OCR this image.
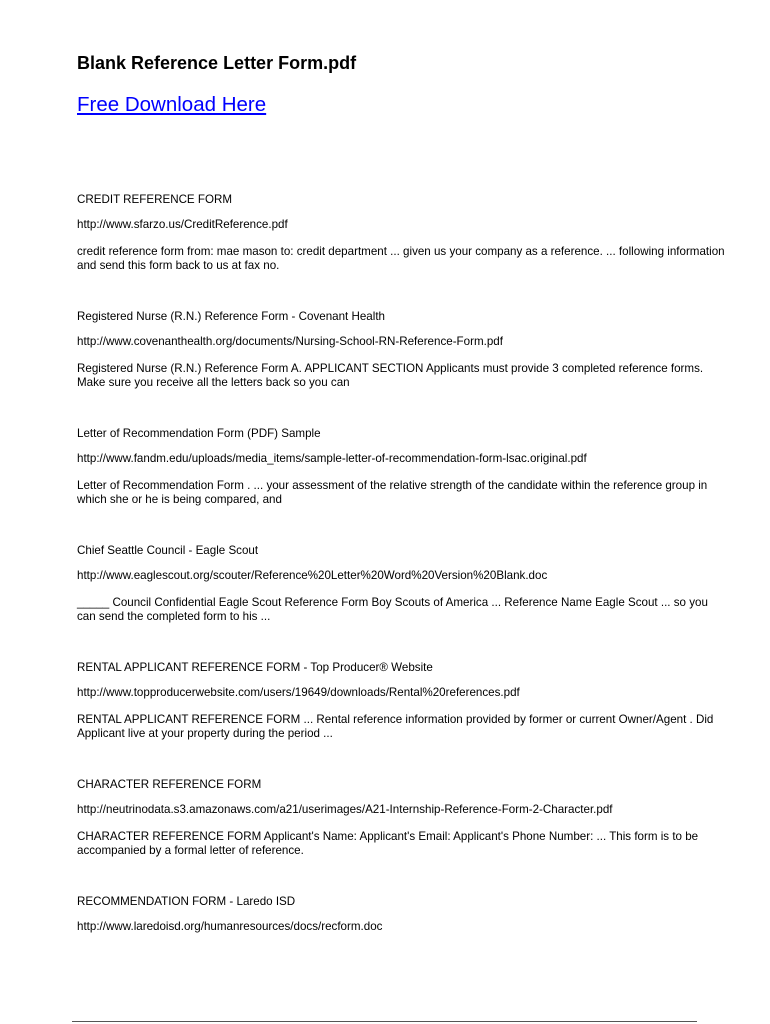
Blank Reference Letter Form.pdf
Free Download Here
CREDIT REFERENCE FORM
http://www.sfarzo.us/CreditReference.pdf
credit reference form from: mae mason to: credit department ... given us your company as a reference. ... following information
and send this form back to us at fax no.
Registered Nurse (R.N.) Reference Form - Covenant Health
http://www.covenanthealth.org/documents/Nursing-School-RN-Reference-Form.pdf
Registered Nurse (R.N.) Reference Form A. APPLICANT SECTION Applicants must provide 3 completed reference forms.
Make sure you receive all the letters back so you can
Letter of Recommendation Form (PDF) Sample
http://www.fandm.edu/uploads/media_items/sample-letter-of-recommendation-form-lsac.original.pdf
Letter of Recommendation Form . ... your assessment of the relative strength of the candidate within the reference group in
which she or he is being compared, and
Chief Seattle Council - Eagle Scout
http://www.eaglescout.org/scouter/Reference%20Letter%20Word%20Version%20Blank.doc
_____ Council Confidential Eagle Scout Reference Form Boy Scouts of America ... Reference Name Eagle Scout ... so you
can send the completed form to his ...
RENTAL APPLICANT REFERENCE FORM - Top Producer® Website
http://www.topproducerwebsite.com/users/19649/downloads/Rental%20references.pdf
RENTAL APPLICANT REFERENCE FORM ... Rental reference information provided by former or current Owner/Agent . Did
Applicant live at your property during the period ...
CHARACTER REFERENCE FORM
http://neutrinodata.s3.amazonaws.com/a21/userimages/A21-Internship-Reference-Form-2-Character.pdf
CHARACTER REFERENCE FORM Applicant's Name: Applicant's Email: Applicant's Phone Number: ... This form is to be
accompanied by a formal letter of reference.
RECOMMENDATION FORM - Laredo ISD
http://www.laredoisd.org/humanresources/docs/recform.doc
